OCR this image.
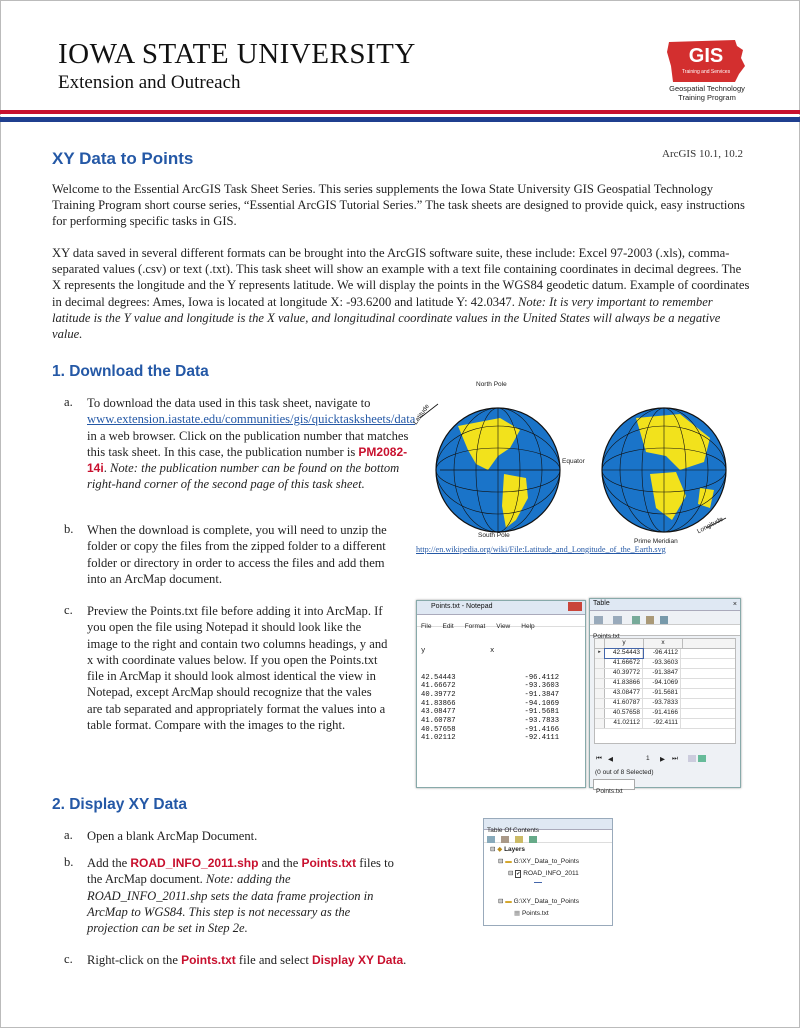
IOWA STATE UNIVERSITY
Extension and Outreach
GIS
Training and Services
Geospatial Technology
Training Program
XY Data to Points	ArcGIS 10.1, 10.2
Welcome to the Essential ArcGIS Task Sheet Series. This series supplements the Iowa State University GIS Geospatial Technology Training Program short course series, “Essential ArcGIS Tutorial Series.” The task sheets are designed to provide quick, easy instructions for performing specific tasks in GIS.
XY data saved in several different formats can be brought into the ArcGIS software suite, these include: Excel 97-2003 (.xls), comma-separated values (.csv) or text (.txt). This task sheet will show an example with a text file containing coordinates in decimal degrees. The X represents the longitude and the Y represents latitude. We will display the points in the WGS84 geodetic datum. Example of coordinates in decimal degrees: Ames, Iowa is located at longitude X: -93.6200 and latitude Y: 42.0347. Note: It is very important to remember latitude is the Y value and longitude is the X value, and longitudinal coordinate values in the United States will always be a negative value.
1. Download the Data
a. To download the data used in this task sheet, navigate to www.extension.iastate.edu/communities/gis/quicktasksheets/data in a web browser. Click on the publication number that matches this task sheet. In this case, the publication number is PM2082-14i. Note: the publication number can be found on the bottom right-hand corner of the second page of this task sheet.
b. When the download is complete, you will need to unzip the folder or copy the files from the zipped folder to a different folder or directory in order to access the files and add them into an ArcMap document.
c. Preview the Points.txt file before adding it into ArcMap. If you open the file using Notepad it should look like the image to the right and contain two columns headings, y and x with coordinate values below. If you open the Points.txt file in ArcMap it should look almost identical the view in Notepad, except ArcMap should recognize that the vales are tab separated and appropriately format the values into a table format. Compare with the images to the right.
North Pole
South Pole
Equator
Latitude
Longitude
Prime Meridian
http://en.wikipedia.org/wiki/File:Latitude_and_Longitude_of_the_Earth.svg
Points.txt - Notepad
File Edit Format View Help

y		x

42.54443		-96.4112
41.66672		-93.3603
40.39772		-91.3847
41.83866		-94.1069
43.08477		-91.5681
41.60787		-93.7833
40.57658		-91.4166
41.02112		-92.4111

Table	×

Points.txt
y	x
▸	42.54443	-96.4112
41.66672	-93.3603
40.39772	-91.3847
41.83866	-94.1069
43.08477	-91.5681
41.60787	-93.7833
40.57658	-91.4166
41.02112	-92.4111
⏮ ◀	1 ▶ ⏭
(0 out of 8 Selected)
Points.txt
2. Display XY Data
a. Open a blank ArcMap Document.
b. Add the ROAD_INFO_2011.shp and the Points.txt files to the ArcMap document. Note: adding the ROAD_INFO_2011.shp sets the data frame projection in ArcMap to WGS84. This step is not necessary as the projection can be set in Step 2e.
c. Right-click on the Points.txt file and select Display XY Data.
Table Of Contents

⊟ ◆ Layers
⊟ ▬ G:\XY_Data_to_Points
⊟ ✔ ROAD_INFO_2011
⊟ ▬ G:\XY_Data_to_Points
▦ Points.txt
